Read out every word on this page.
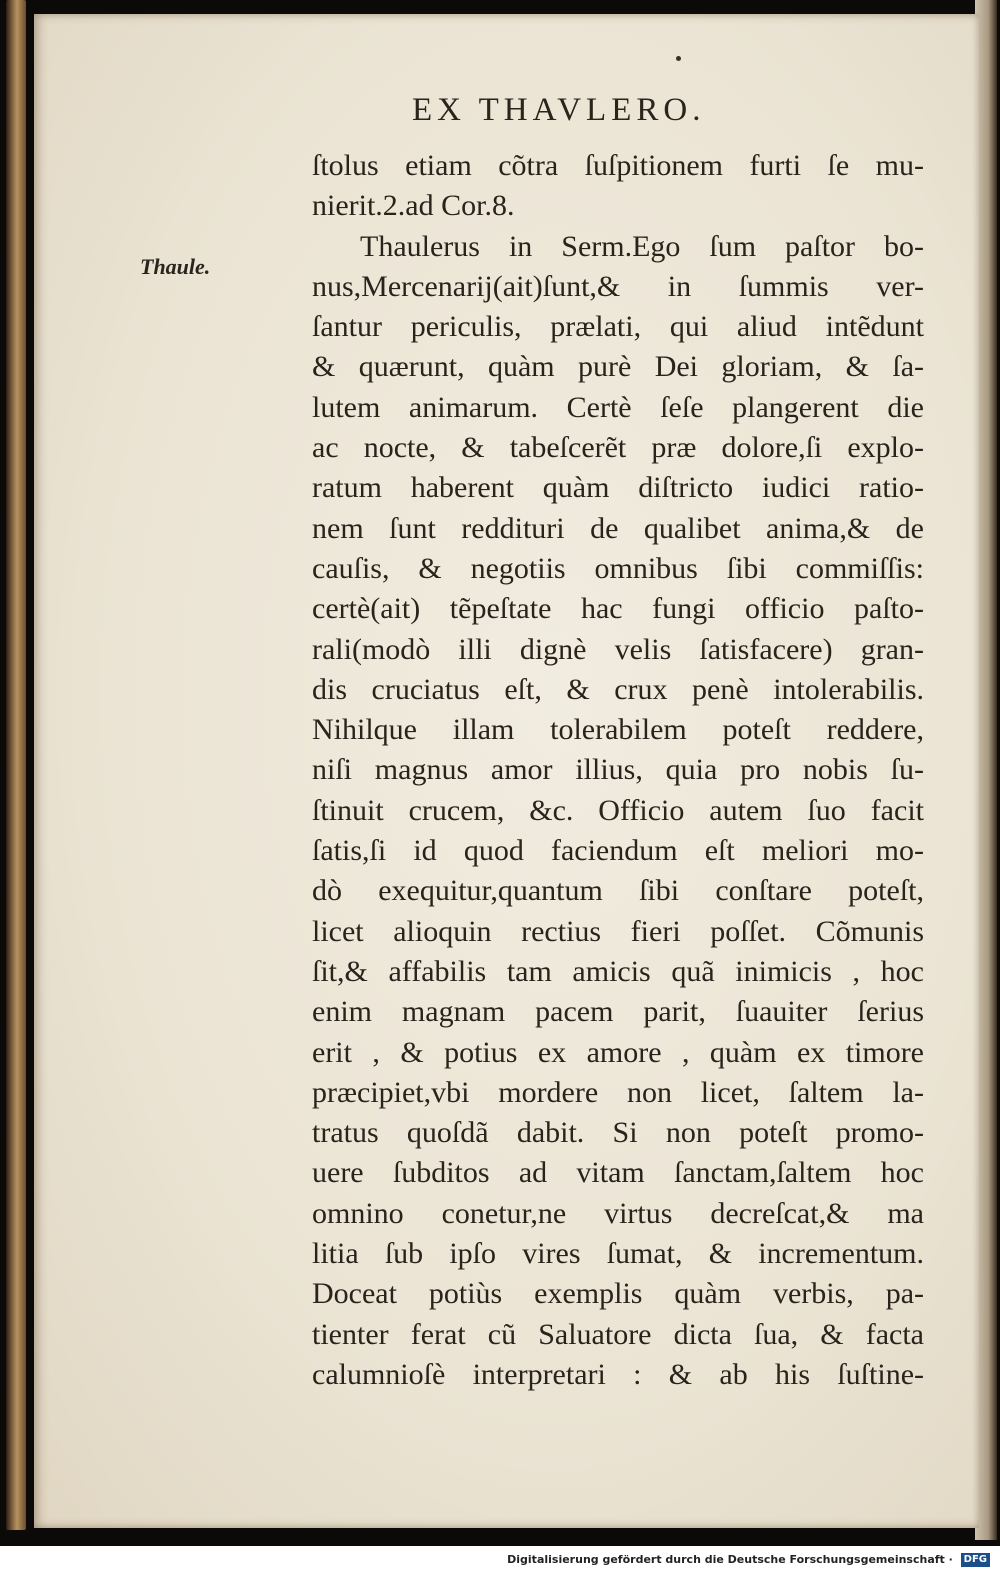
EX THAVLERO.
Thaule.
ſtolus etiam cõtra ſuſpitionem furti ſe mu-
nierit.2.ad Cor.8.
Thaulerus in Serm.Ego ſum paſtor bo-
nus,Mercenarij(ait)ſunt,& in ſummis ver-
ſantur periculis, prælati, qui aliud intẽdunt
& quærunt, quàm purè Dei gloriam, & ſa-
lutem animarum. Certè ſeſe plangerent die
ac nocte, & tabeſcerẽt præ dolore,ſi explo-
ratum haberent quàm diſtricto iudici ratio-
nem ſunt reddituri de qualibet anima,& de
cauſis, & negotiis omnibus ſibi commiſſis:
certè(ait) tẽpeſtate hac fungi officio paſto-
rali(modò illi dignè velis ſatisfacere) gran-
dis cruciatus eſt, & crux penè intolerabilis.
Nihilque illam tolerabilem poteſt reddere,
niſi magnus amor illius, quia pro nobis ſu-
ſtinuit crucem, &c. Officio autem ſuo facit
ſatis,ſi id quod faciendum eſt meliori mo-
dò exequitur,quantum ſibi conſtare poteſt,
licet alioquin rectius fieri poſſet. Cõmunis
ſit,& affabilis tam amicis quã inimicis , hoc
enim magnam pacem parit, ſuauiter ſerius
erit , & potius ex amore , quàm ex timore
præcipiet,vbi mordere non licet, ſaltem la-
tratus quoſdã dabit. Si non poteſt promo-
uere ſubditos ad vitam ſanctam,ſaltem hoc
omnino conetur,ne virtus decreſcat,& ma
litia ſub ipſo vires ſumat, & incrementum.
Doceat potiùs exemplis quàm verbis, pa-
tienter ferat cũ Saluatore dicta ſua, & facta
calumnioſè interpretari : & ab his ſuſtine-
Digitalisierung gefördert durch die Deutsche Forschungsgemeinschaft · DFG
